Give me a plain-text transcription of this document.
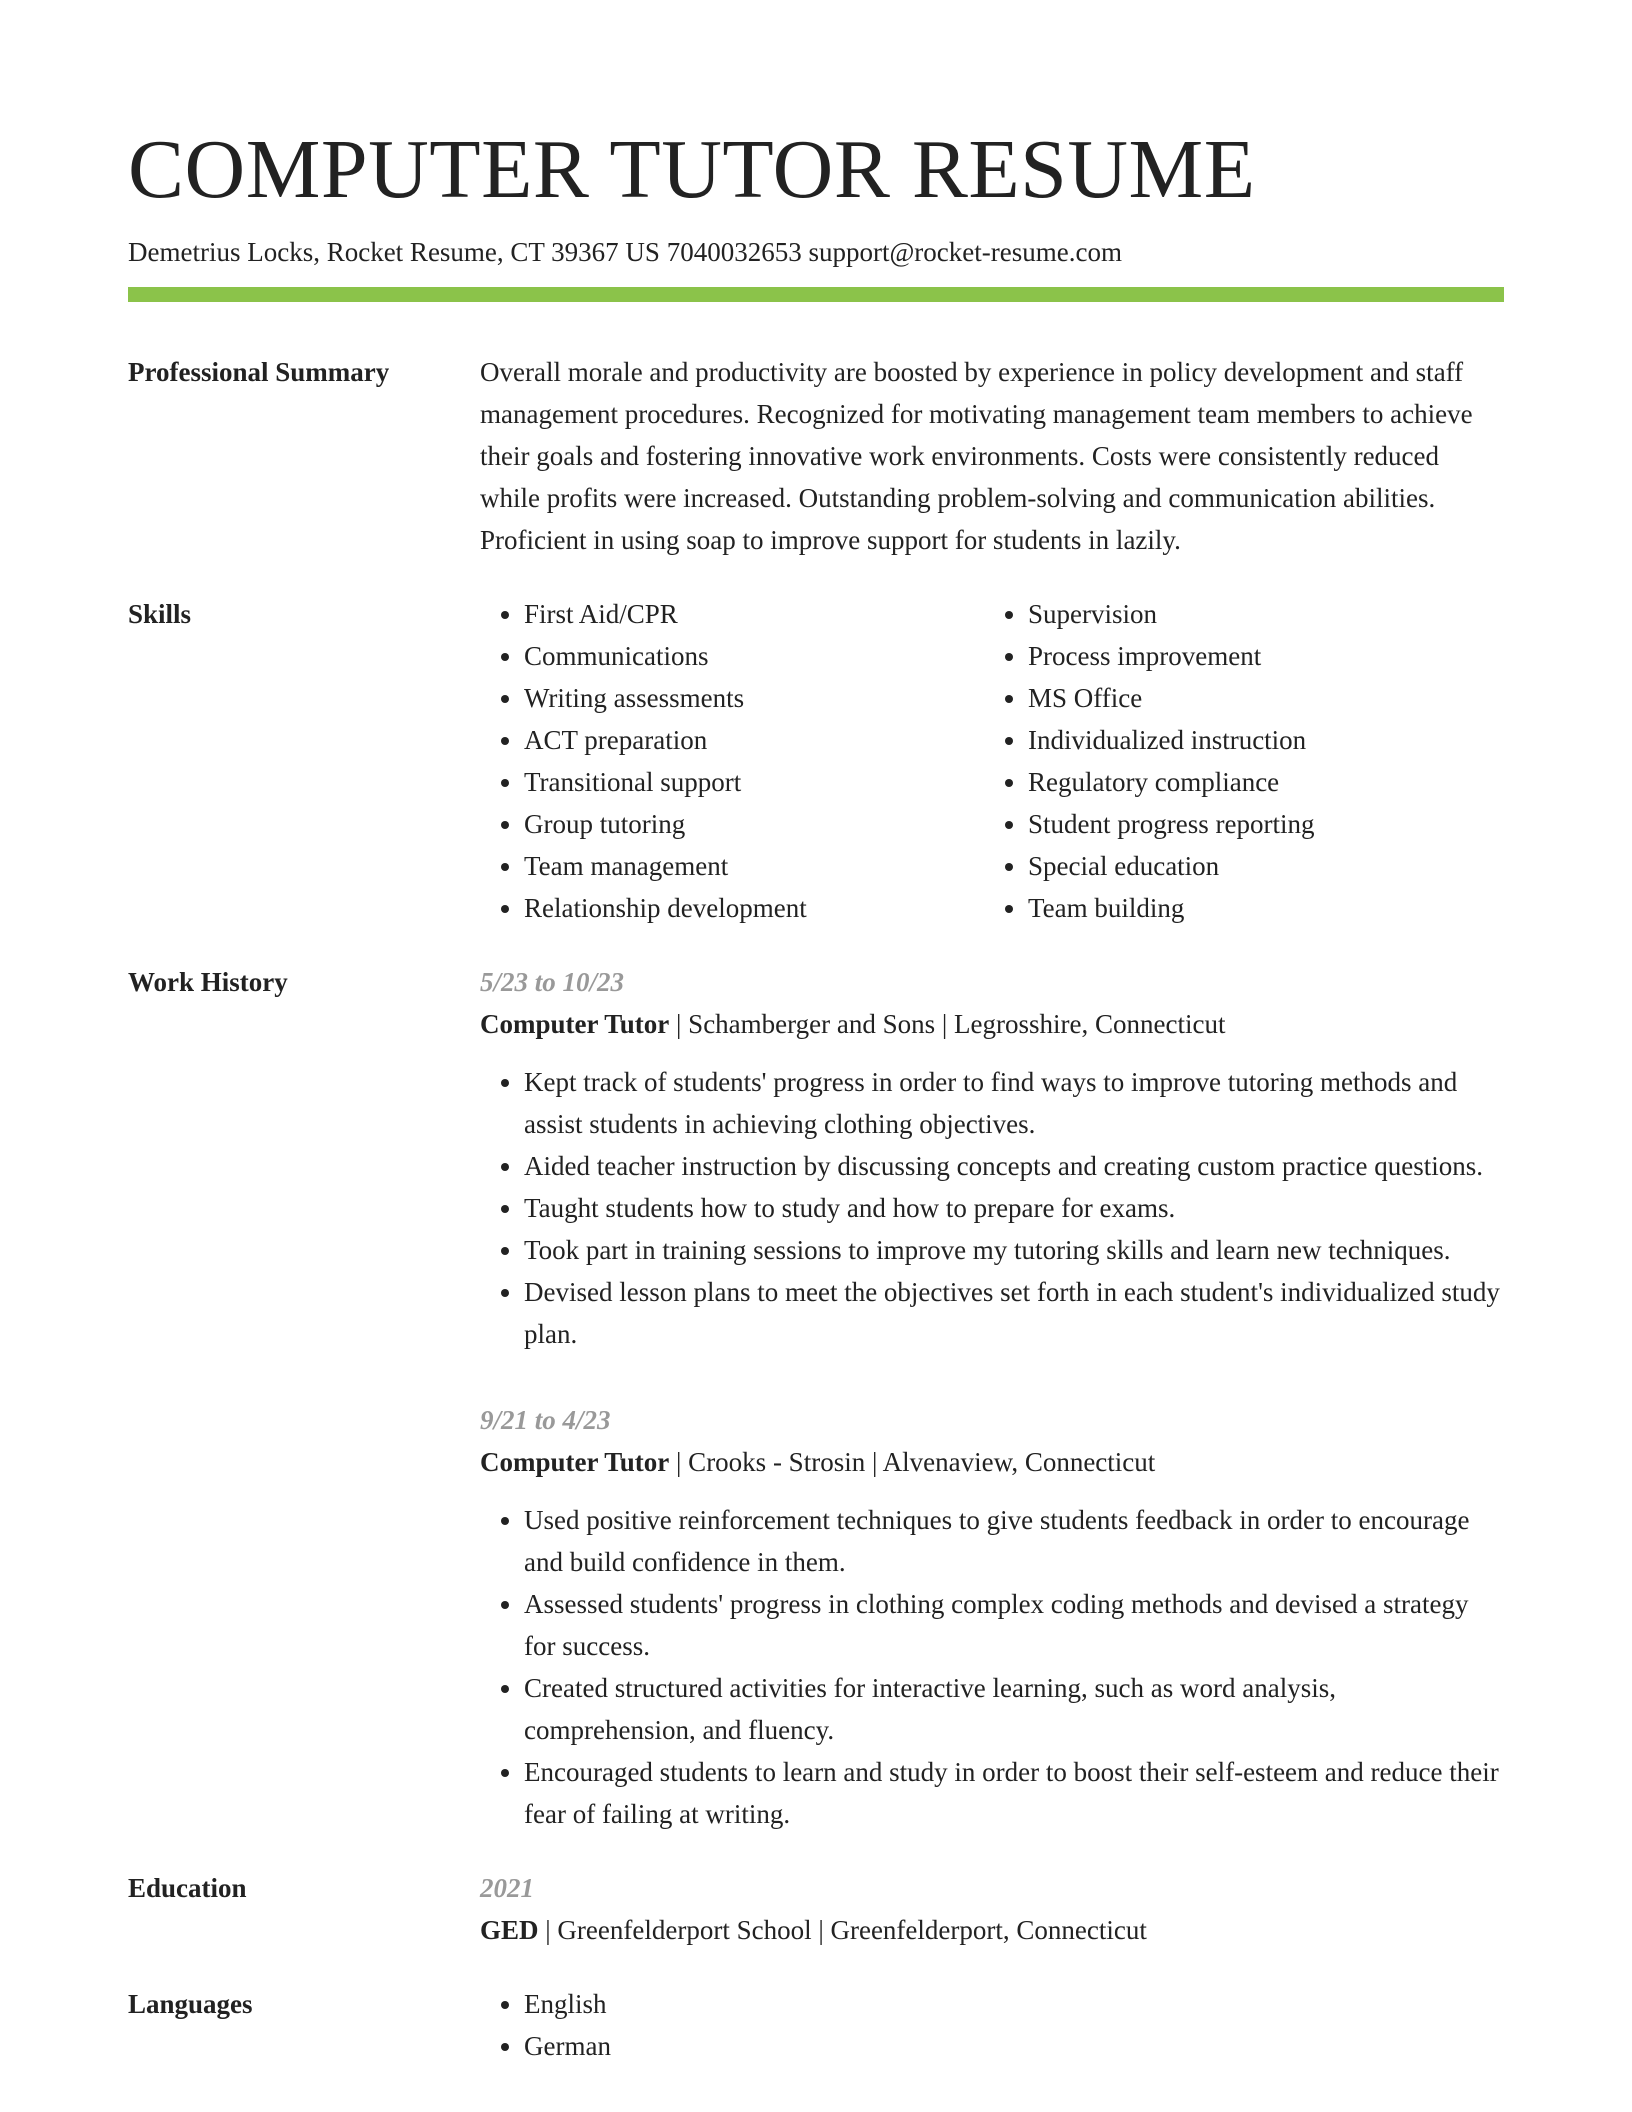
COMPUTER TUTOR RESUME
Demetrius Locks, Rocket Resume, CT 39367 US 7040032653 support@rocket-resume.com
Professional Summary	Overall morale and productivity are boosted by experience in policy development and staff management procedures. Recognized for motivating management team members to achieve their goals and fostering innovative work environments. Costs were consistently reduced while profits were increased. Outstanding problem-solving and communication abilities. Proficient in using soap to improve support for students in lazily.
Skills	• First Aid/CPR
• Communications
• Writing assessments
• ACT preparation
• Transitional support
• Group tutoring
• Team management
• Relationship development
• Supervision
• Process improvement
• MS Office
• Individualized instruction
• Regulatory compliance
• Student progress reporting
• Special education
• Team building
Work History	5/23 to 10/23
Computer Tutor | Schamberger and Sons | Legrosshire, Connecticut
• Kept track of students' progress in order to find ways to improve tutoring methods and assist students in achieving clothing objectives.
• Aided teacher instruction by discussing concepts and creating custom practice questions.
• Taught students how to study and how to prepare for exams.
• Took part in training sessions to improve my tutoring skills and learn new techniques.
• Devised lesson plans to meet the objectives set forth in each student's individualized study plan.
9/21 to 4/23
Computer Tutor | Crooks - Strosin | Alvenaview, Connecticut
• Used positive reinforcement techniques to give students feedback in order to encourage and build confidence in them.
• Assessed students' progress in clothing complex coding methods and devised a strategy for success.
• Created structured activities for interactive learning, such as word analysis, comprehension, and fluency.
• Encouraged students to learn and study in order to boost their self-esteem and reduce their fear of failing at writing.
Education	2021
GED | Greenfelderport School | Greenfelderport, Connecticut
Languages	• English
• German
